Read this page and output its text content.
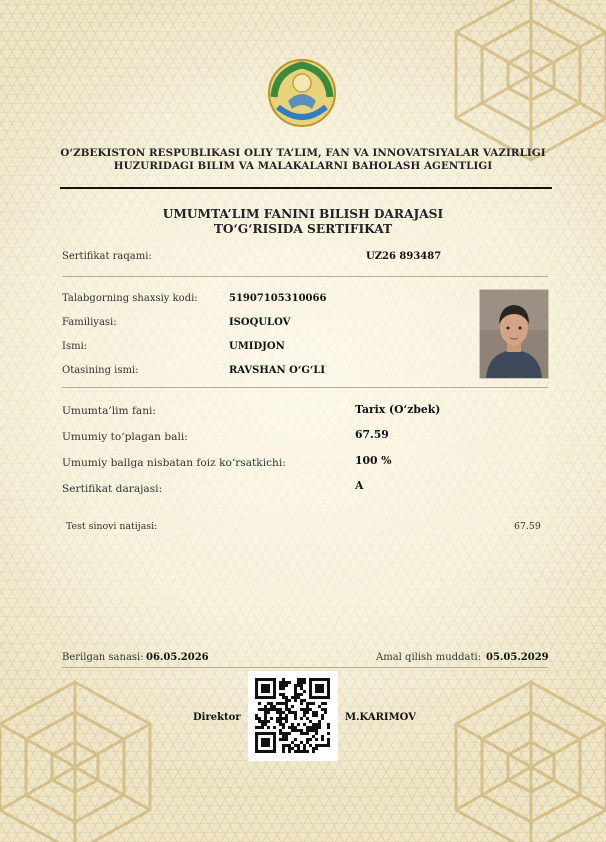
O‘ZBEKISTON RESPUBLIKASI OLIY TA’LIM, FAN VA INNOVATSIYALAR VAZIRLIGI
HUZURIDAGI BILIM VA MALAKALARNI BAHOLASH AGENTLIGI
UMUMTA’LIM FANINI BILISH DARAJASI
TO‘G‘RISIDA SERTIFIKAT
Sertifikat raqami:	UZ26 893487
Talabgorning shaxsiy kodi:	51907105310066
Familiyasi:	ISOQULOV
Ismi:	UMIDJON
Otasining ismi:	RAVSHAN O‘G‘LI
Umumta’lim fani:	Tarix (O‘zbek)
Umumiy to‘plagan bali:	67.59
Umumiy ballga nisbatan foiz ko‘rsatkichi:	100 %
Sertifikat darajasi:	A
Test sinovi natijasi:	67.59
Berilgan sanasi: 06.05.2026	Amal qilish muddati: 05.05.2029
Direktor	M.KARIMOV
